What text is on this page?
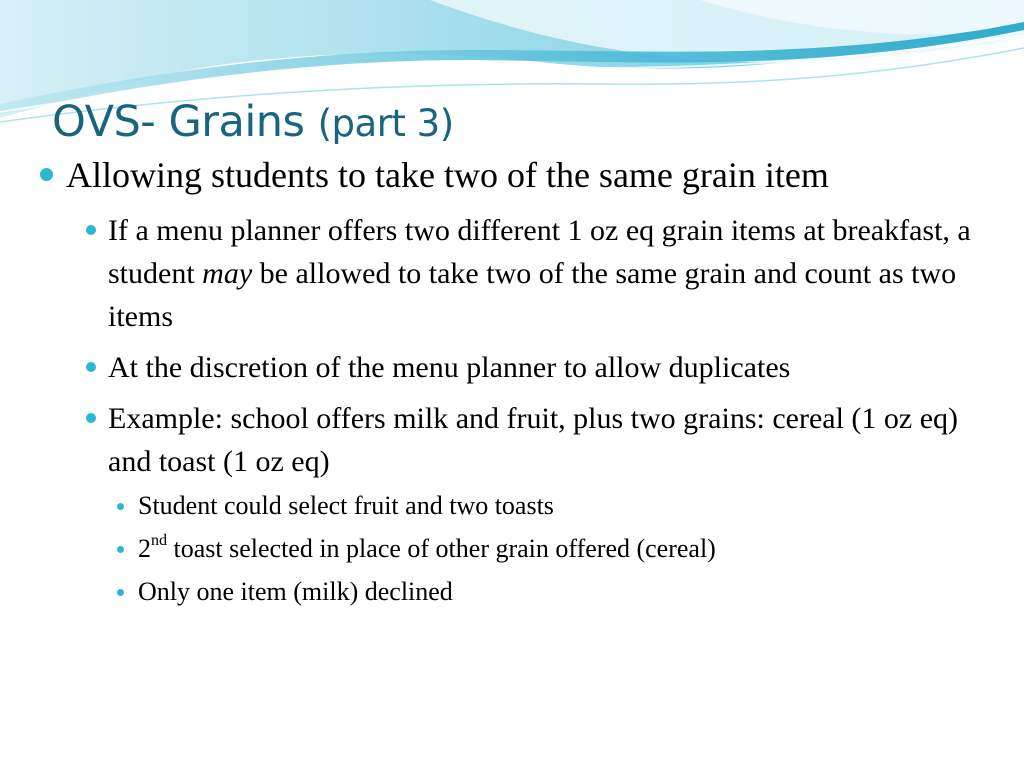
OVS- Grains (part 3)
Allowing students to take two of the same grain item
If a menu planner offers two different 1 oz eq grain items at breakfast, a student may be allowed to take two of the same grain and count as two items
At the discretion of the menu planner to allow duplicates
Example: school offers milk and fruit, plus two grains: cereal (1 oz eq) and toast (1 oz eq)
Student could select fruit and two toasts
2nd toast selected in place of other grain offered (cereal)
Only one item (milk) declined
